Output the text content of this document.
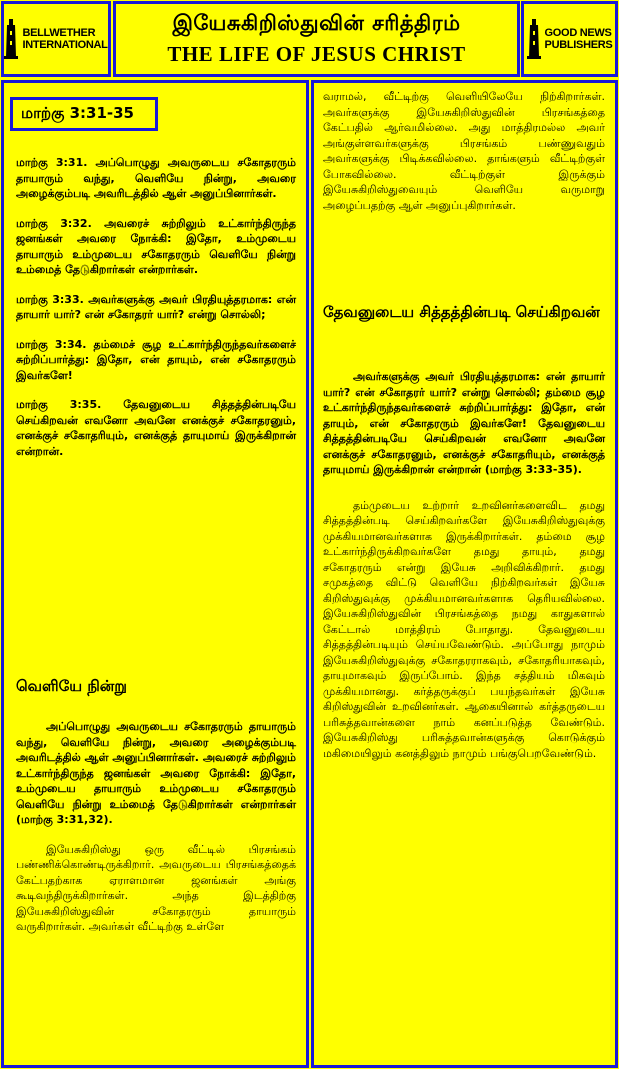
BELLWETHER
INTERNATIONAL
இயேசுகிறிஸ்துவின் சரித்திரம்
THE LIFE OF JESUS CHRIST
GOOD NEWS
PUBLISHERS
மாற்கு 3:31-35

மாற்கு 3:31. அப்பொழுது அவருடைய சகோதரரும் தாயாரும் வந்து, வெளியே நின்று, அவரை அழைக்கும்படி அவரிடத்தில் ஆள் அனுப்பினார்கள்.

மாற்கு 3:32. அவரைச் சுற்றிலும் உட்கார்ந்திருந்த ஜனங்கள் அவரை நோக்கி: இதோ, உம்முடைய தாயாரும் உம்முடைய சகோதரரும் வெளியே நின்று உம்மைத் தேடுகிறார்கள் என்றார்கள்.

மாற்கு 3:33. அவர்களுக்கு அவர் பிரதியுத்தரமாக: என் தாயார் யார்? என் சகோதரர் யார்? என்று சொல்லி;

மாற்கு 3:34. தம்மைச் சூழ உட்கார்ந்திருந்தவர்களைச் சுற்றிப்பார்த்து: இதோ, என் தாயும், என் சகோதரரும் இவர்களே!

மாற்கு 3:35. தேவனுடைய சித்தத்தின்படியே செய்கிறவன் எவனோ அவனே எனக்குச் சகோதரனும், எனக்குச் சகோதரியும், எனக்குத் தாயுமாய் இருக்கிறான் என்றான்.

வெளியே நின்று

அப்பொழுது அவருடைய சகோதரரும் தாயாரும் வந்து, வெளியே நின்று, அவரை அழைக்கும்படி அவரிடத்தில் ஆள் அனுப்பினார்கள். அவரைச் சுற்றிலும் உட்கார்ந்திருந்த ஜனங்கள் அவரை நோக்கி: இதோ, உம்முடைய தாயாரும் உம்முடைய சகோதரரும் வெளியே நின்று உம்மைத் தேடுகிறார்கள் என்றார்கள் (மாற்கு 3:31,32).

இயேசுகிறிஸ்து ஒரு வீட்டில் பிரசங்கம் பண்ணிக்கொண்டிருக்கிறார். அவருடைய பிரசங்கத்தைக் கேட்பதற்காக ஏராளமான ஜனங்கள் அங்கு கூடிவந்திருக்கிறார்கள். அந்த இடத்திற்கு இயேசுகிறிஸ்துவின் சகோதரரும் தாயாரும் வருகிறார்கள். அவர்கள் வீட்டிற்கு உள்ளே

வராமல், வீட்டிற்கு வெளியிலேயே நிற்கிறார்கள். அவர்களுக்கு இயேசுகிறிஸ்துவின் பிரசங்கத்தை கேட்பதில் ஆர்வமில்லை. அது மாத்திரமல்ல அவர் அங்குள்ளவர்களுக்கு பிரசங்கம் பண்ணுவதும் அவர்களுக்கு பிடிக்கவில்லை. தாங்களும் வீட்டிற்குள் போகவில்லை. வீட்டிற்குள் இருக்கும் இயேசுகிறிஸ்துவையும் வெளியே வருமாறு அழைப்பதற்கு ஆள் அனுப்புகிறார்கள்.

தேவனுடைய சித்தத்தின்படி செய்கிறவன்

அவர்களுக்கு அவர் பிரதியுத்தரமாக: என் தாயார் யார்? என் சகோதரர் யார்? என்று சொல்லி; தம்மை சூழ உட்கார்ந்திருந்தவர்களைச் சுற்றிப்பார்த்து: இதோ, என் தாயும், என் சகோதரரும் இவர்களே! தேவனுடைய சித்தத்தின்படியே செய்கிறவன் எவனோ அவனே எனக்குச் சகோதரனும், எனக்குச் சகோதரியும், எனக்குத் தாயுமாய் இருக்கிறான் என்றான் (மாற்கு 3:33-35).

தம்முடைய உற்றார் உறவினர்களைவிட தமது சித்தத்தின்படி செய்கிறவர்களே இயேசுகிறிஸ்துவுக்கு முக்கியமானவர்களாக இருக்கிறார்கள். தம்மை சூழ உட்கார்ந்திருக்கிறவர்களே தமது தாயும், தமது சகோதரரும் என்று இயேசு அறிவிக்கிறார். தமது சமுகத்தை விட்டு வெளியே நிற்கிறவர்கள் இயேசு கிறிஸ்துவுக்கு முக்கியமானவர்களாக தெரியவில்லை. இயேசுகிறிஸ்துவின் பிரசங்கத்தை நமது காதுகளால் கேட்டால் மாத்திரம் போதாது. தேவனுடைய சித்தத்தின்படியும் செய்யவேண்டும். அப்போது நாமும் இயேசுகிறிஸ்துவுக்கு சகோதரராகவும், சகோதரியாகவும், தாயுமாகவும் இருப்போம். இந்த சத்தியம் மிகவும் முக்கியமானது. கர்த்தருக்குப் பயந்தவர்கள் இயேசு கிறிஸ்துவின் உறவினர்கள். ஆகையினால் கர்த்தருடைய பரிசுத்தவான்களை நாம் கனப்படுத்த வேண்டும். இயேசுகிறிஸ்து பரிசுத்தவான்களுக்கு கொடுக்கும் மகிமையிலும் கனத்திலும் நாமும் பங்குபெறவேண்டும்.
